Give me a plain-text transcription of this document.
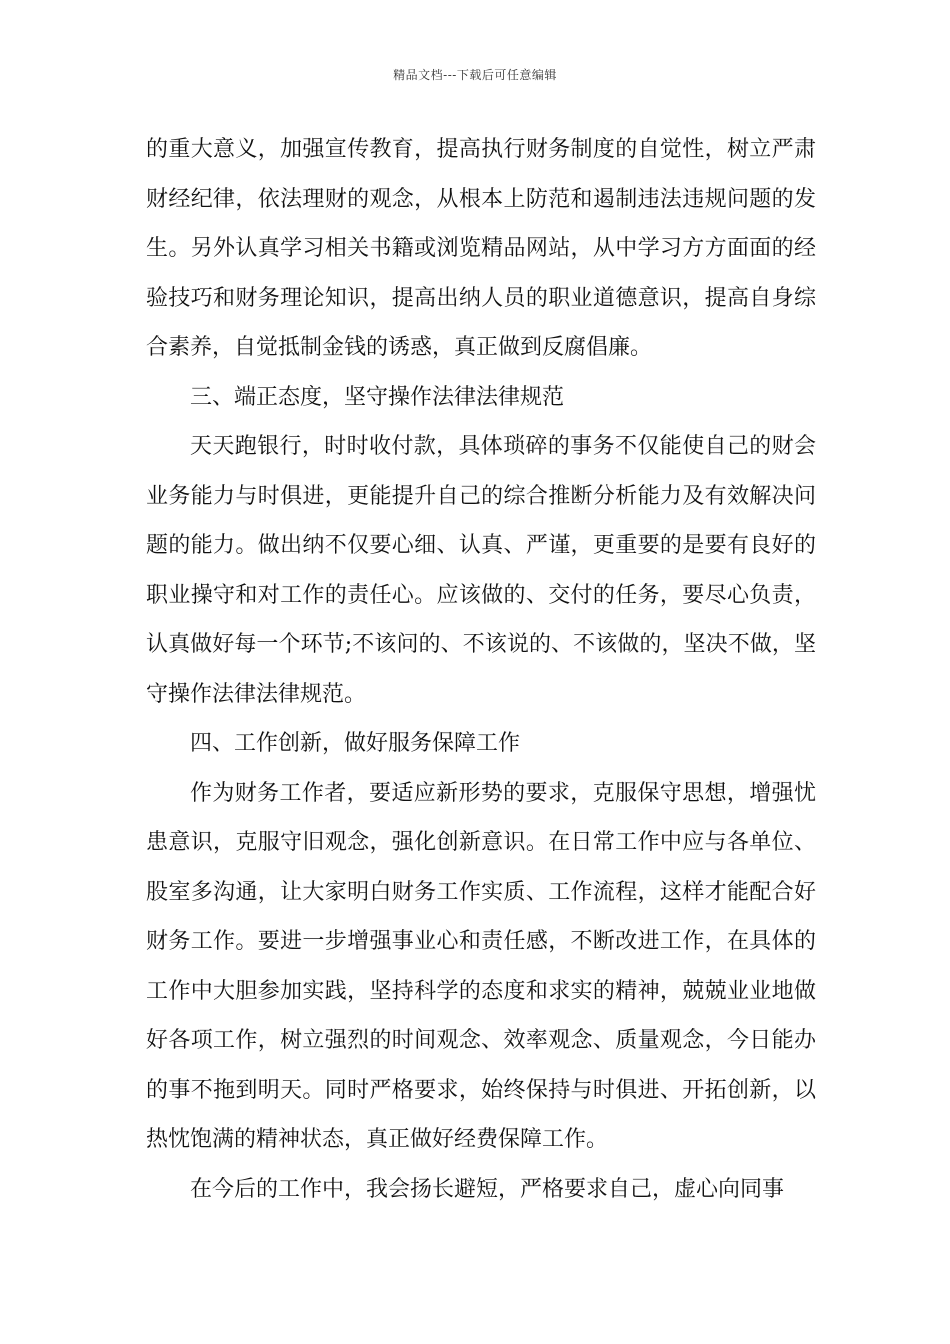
精品文档---下载后可任意编辑

的重大意义，加强宣传教育，提高执行财务制度的自觉性，树立严肃财经纪律，依法理财的观念，从根本上防范和遏制违法违规问题的发生。另外认真学习相关书籍或浏览精品网站，从中学习方方面面的经验技巧和财务理论知识，提高出纳人员的职业道德意识，提高自身综合素养，自觉抵制金钱的诱惑，真正做到反腐倡廉。

三、端正态度，坚守操作法律法律规范

天天跑银行，时时收付款，具体琐碎的事务不仅能使自己的财会业务能力与时俱进，更能提升自己的综合推断分析能力及有效解决问题的能力。做出纳不仅要心细、认真、严谨，更重要的是要有良好的职业操守和对工作的责任心。应该做的、交付的任务，要尽心负责，认真做好每一个环节;不该问的、不该说的、不该做的，坚决不做，坚守操作法律法律规范。

四、工作创新，做好服务保障工作

作为财务工作者，要适应新形势的要求，克服保守思想，增强忧患意识，克服守旧观念，强化创新意识。在日常工作中应与各单位、股室多沟通，让大家明白财务工作实质、工作流程，这样才能配合好财务工作。要进一步增强事业心和责任感，不断改进工作，在具体的工作中大胆参加实践，坚持科学的态度和求实的精神，兢兢业业地做好各项工作，树立强烈的时间观念、效率观念、质量观念，今日能办的事不拖到明天。同时严格要求，始终保持与时俱进、开拓创新，以热忱饱满的精神状态，真正做好经费保障工作。

在今后的工作中，我会扬长避短，严格要求自己，虚心向同事
